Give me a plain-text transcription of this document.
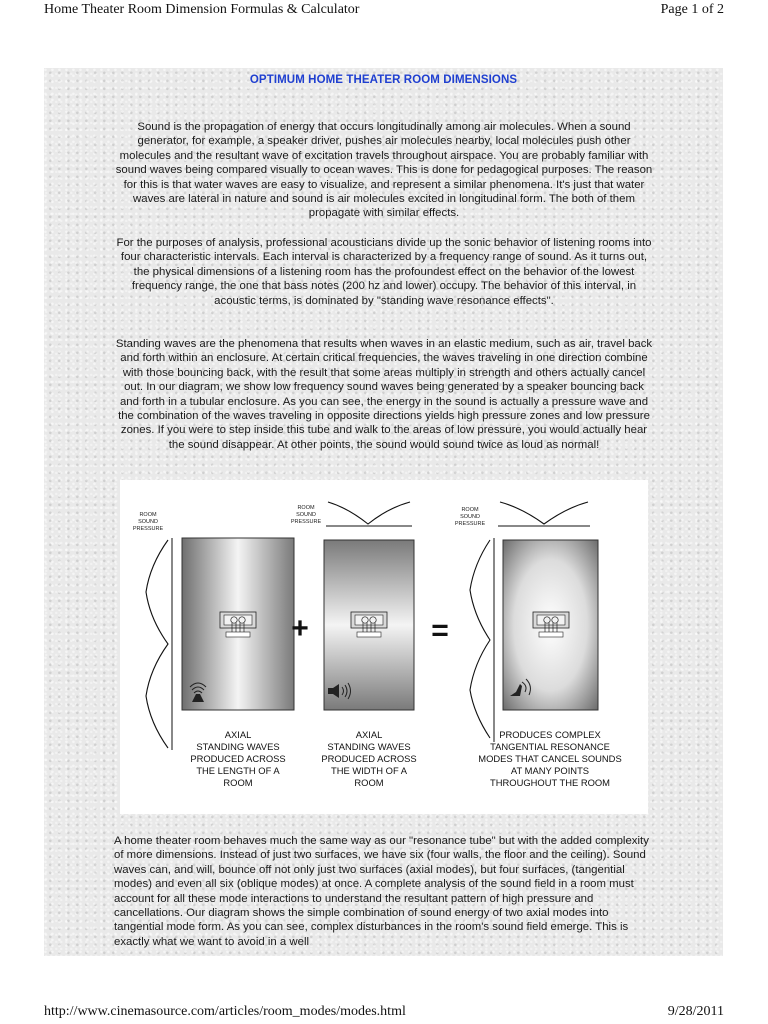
Home Theater Room Dimension Formulas & Calculator	Page 1 of 2
OPTIMUM HOME THEATER ROOM DIMENSIONS

Sound is the propagation of energy that occurs longitudinally among air molecules. When a sound generator, for example, a speaker driver, pushes air molecules nearby, local molecules push other molecules and the resultant wave of excitation travels throughout airspace. You are probably familiar with sound waves being compared visually to ocean waves. This is done for pedagogical purposes. The reason for this is that water waves are easy to visualize, and represent a similar phenomena. It's just that water waves are lateral in nature and sound is air molecules excited in longitudinal form. The both of them propagate with similar effects.

For the purposes of analysis, professional acousticians divide up the sonic behavior of listening rooms into four characteristic intervals. Each interval is characterized by a frequency range of sound. As it turns out, the physical dimensions of a listening room has the profoundest effect on the behavior of the lowest frequency range, the one that bass notes (200 hz and lower) occupy. The behavior of this interval, in acoustic terms, is dominated by "standing wave resonance effects".

Standing waves are the phenomena that results when waves in an elastic medium, such as air, travel back and forth within an enclosure. At certain critical frequencies, the waves traveling in one direction combine with those bouncing back, with the result that some areas multiply in strength and others actually cancel out. In our diagram, we show low frequency sound waves being generated by a speaker bouncing back and forth in a tubular enclosure. As you can see, the energy in the sound is actually a pressure wave and the combination of the waves traveling in opposite directions yields high pressure zones and low pressure zones. If you were to step inside this tube and walk to the areas of low pressure, you would actually hear the sound disappear. At other points, the sound would sound twice as loud as normal!

ROOM
SOUND
PRESSURE
ROOM
SOUND
PRESSURE
+
ROOM
SOUND
PRESSURE
=
AXIAL
STANDING WAVES
PRODUCED ACROSS
THE LENGTH OF A
ROOM
AXIAL
STANDING WAVES
PRODUCED ACROSS
THE WIDTH OF A
ROOM
PRODUCES COMPLEX
TANGENTIAL RESONANCE
MODES THAT CANCEL SOUNDS
AT MANY POINTS
THROUGHOUT THE ROOM

A home theater room behaves much the same way as our "resonance tube" but with the added complexity of more dimensions. Instead of just two surfaces, we have six (four walls, the floor and the ceiling). Sound waves can, and will, bounce off not only just two surfaces (axial modes), but four surfaces, (tangential modes) and even all six (oblique modes) at once. A complete analysis of the sound field in a room must account for all these mode interactions to understand the resultant pattern of high pressure and cancellations. Our diagram shows the simple combination of sound energy of two axial modes into tangential mode form. As you can see, complex disturbances in the room's sound field emerge. This is exactly what we want to avoid in a well

http://www.cinemasource.com/articles/room_modes/modes.html	9/28/2011
